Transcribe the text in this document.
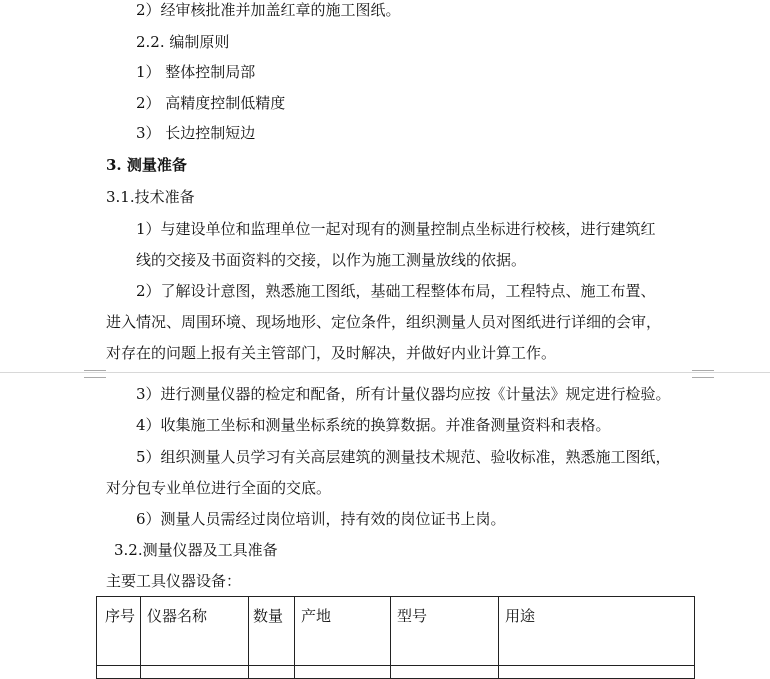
2）经审核批准并加盖红章的施工图纸。
2.2. 编制原则
1） 整体控制局部
2） 高精度控制低精度
3） 长边控制短边
3. 测量准备
3.1.技术准备
1）与建设单位和监理单位一起对现有的测量控制点坐标进行校核，进行建筑红
线的交接及书面资料的交接，以作为施工测量放线的依据。
2）了解设计意图，熟悉施工图纸，基础工程整体布局，工程特点、施工布置、
进入情况、周围环境、现场地形、定位条件，组织测量人员对图纸进行详细的会审，
对存在的问题上报有关主管部门，及时解决，并做好内业计算工作。
3）进行测量仪器的检定和配备，所有计量仪器均应按《计量法》规定进行检验。
4）收集施工坐标和测量坐标系统的换算数据。并准备测量资料和表格。
5）组织测量人员学习有关高层建筑的测量技术规范、验收标准，熟悉施工图纸，
对分包专业单位进行全面的交底。
6）测量人员需经过岗位培训，持有效的岗位证书上岗。
3.2.测量仪器及工具准备
主要工具仪器设备：
序号	仪器名称	数量	产地	型号	用途
